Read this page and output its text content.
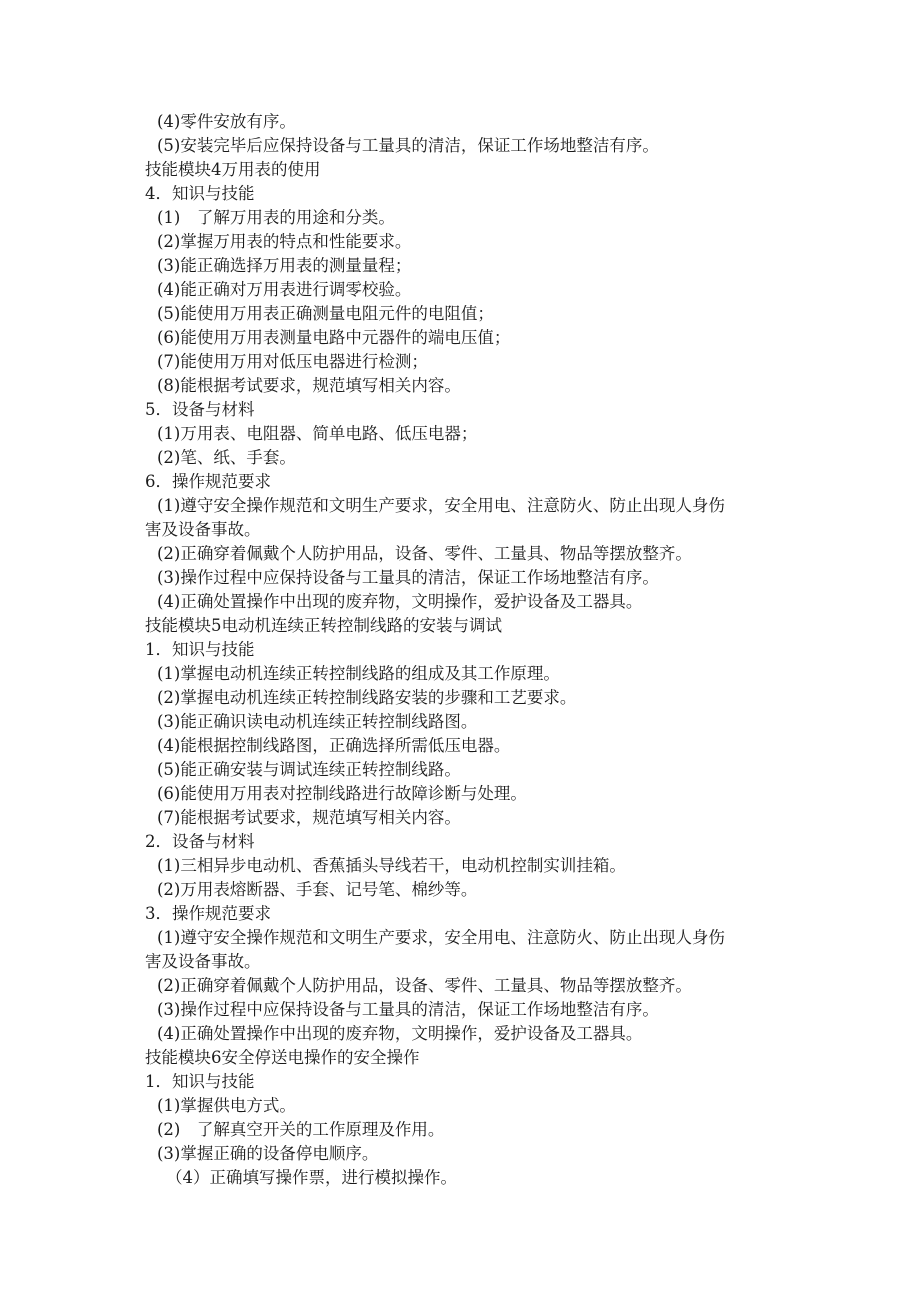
(4)零件安放有序。
(5)安装完毕后应保持设备与工量具的清洁，保证工作场地整洁有序。
技能模块4万用表的使用
4．知识与技能
(1)　了解万用表的用途和分类。
(2)掌握万用表的特点和性能要求。
(3)能正确选择万用表的测量量程；
(4)能正确对万用表进行调零校验。
(5)能使用万用表正确测量电阻元件的电阻值；
(6)能使用万用表测量电路中元器件的端电压值；
(7)能使用万用对低压电器进行检测；
(8)能根据考试要求，规范填写相关内容。
5．设备与材料
(1)万用表、电阻器、简单电路、低压电器；
(2)笔、纸、手套。
6．操作规范要求
(1)遵守安全操作规范和文明生产要求，安全用电、注意防火、防止出现人身伤
害及设备事故。
(2)正确穿着佩戴个人防护用品，设备、零件、工量具、物品等摆放整齐。
(3)操作过程中应保持设备与工量具的清洁，保证工作场地整洁有序。
(4)正确处置操作中出现的废弃物，文明操作，爱护设备及工器具。
技能模块5电动机连续正转控制线路的安装与调试
1．知识与技能
(1)掌握电动机连续正转控制线路的组成及其工作原理。
(2)掌握电动机连续正转控制线路安装的步骤和工艺要求。
(3)能正确识读电动机连续正转控制线路图。
(4)能根据控制线路图，正确选择所需低压电器。
(5)能正确安装与调试连续正转控制线路。
(6)能使用万用表对控制线路进行故障诊断与处理。
(7)能根据考试要求，规范填写相关内容。
2．设备与材料
(1)三相异步电动机、香蕉插头导线若干，电动机控制实训挂箱。
(2)万用表熔断器、手套、记号笔、棉纱等。
3．操作规范要求
(1)遵守安全操作规范和文明生产要求，安全用电、注意防火、防止出现人身伤
害及设备事故。
(2)正确穿着佩戴个人防护用品，设备、零件、工量具、物品等摆放整齐。
(3)操作过程中应保持设备与工量具的清洁，保证工作场地整洁有序。
(4)正确处置操作中出现的废弃物，文明操作，爱护设备及工器具。
技能模块6安全停送电操作的安全操作
1．知识与技能
(1)掌握供电方式。
(2)　了解真空开关的工作原理及作用。
(3)掌握正确的设备停电顺序。
（4）正确填写操作票，进行模拟操作。
